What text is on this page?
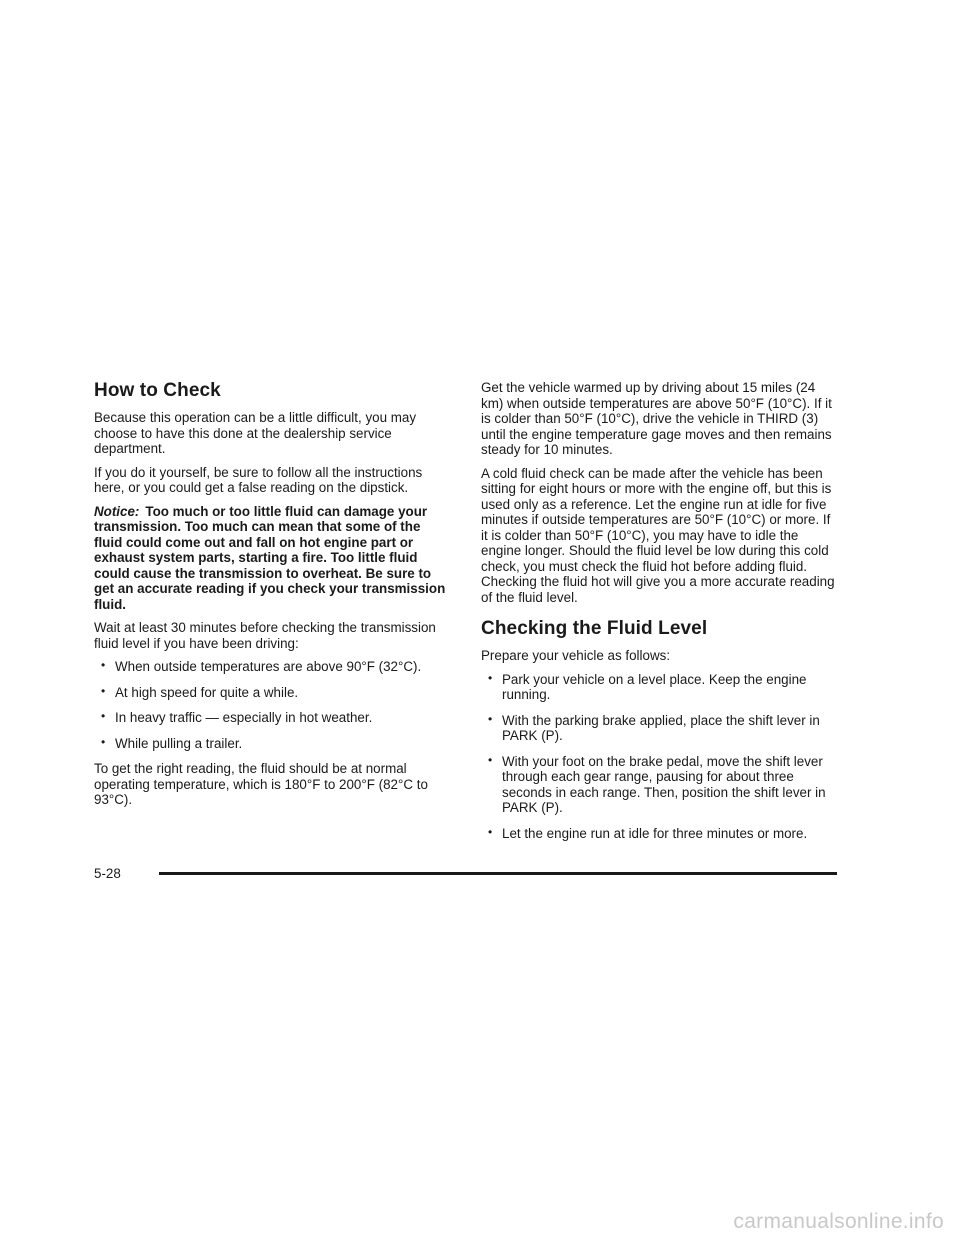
How to Check

Because this operation can be a little difficult, you may choose to have this done at the dealership service department.

If you do it yourself, be sure to follow all the instructions here, or you could get a false reading on the dipstick.

Notice: Too much or too little fluid can damage your transmission. Too much can mean that some of the fluid could come out and fall on hot engine part or exhaust system parts, starting a fire. Too little fluid could cause the transmission to overheat. Be sure to get an accurate reading if you check your transmission fluid.

Wait at least 30 minutes before checking the transmission fluid level if you have been driving:

• When outside temperatures are above 90°F (32°C).
• At high speed for quite a while.
• In heavy traffic — especially in hot weather.
• While pulling a trailer.

To get the right reading, the fluid should be at normal operating temperature, which is 180°F to 200°F (82°C to 93°C).

Get the vehicle warmed up by driving about 15 miles (24 km) when outside temperatures are above 50°F (10°C). If it is colder than 50°F (10°C), drive the vehicle in THIRD (3) until the engine temperature gage moves and then remains steady for 10 minutes.

A cold fluid check can be made after the vehicle has been sitting for eight hours or more with the engine off, but this is used only as a reference. Let the engine run at idle for five minutes if outside temperatures are 50°F (10°C) or more. If it is colder than 50°F (10°C), you may have to idle the engine longer. Should the fluid level be low during this cold check, you must check the fluid hot before adding fluid. Checking the fluid hot will give you a more accurate reading of the fluid level.

Checking the Fluid Level

Prepare your vehicle as follows:

• Park your vehicle on a level place. Keep the engine running.
• With the parking brake applied, place the shift lever in PARK (P).
• With your foot on the brake pedal, move the shift lever through each gear range, pausing for about three seconds in each range. Then, position the shift lever in PARK (P).
• Let the engine run at idle for three minutes or more.
5-28
carmanualsonline.info
